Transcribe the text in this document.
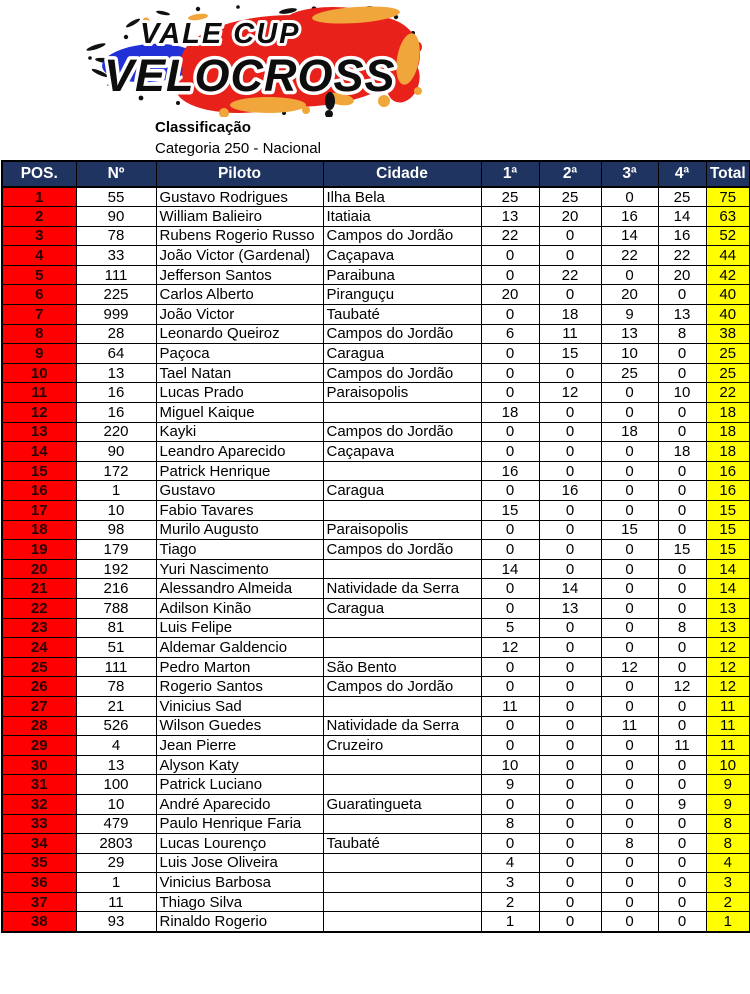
VALE CUP
VELOCROSS
Classificação
Categoria 250 - Nacional
POS.	Nº	Piloto	Cidade	1ª	2ª	3ª	4ª	Total
1	55	Gustavo Rodrigues	Ilha Bela	25	25	0	25	75
2	90	William Balieiro	Itatiaia	13	20	16	14	63
3	78	Rubens Rogerio Russo	Campos do Jordão	22	0	14	16	52
4	33	João Victor (Gardenal)	Caçapava	0	0	22	22	44
5	111	Jefferson Santos	Paraibuna	0	22	0	20	42
6	225	Carlos Alberto	Piranguçu	20	0	20	0	40
7	999	João Victor	Taubaté	0	18	9	13	40
8	28	Leonardo Queiroz	Campos do Jordão	6	11	13	8	38
9	64	Paçoca	Caragua	0	15	10	0	25
10	13	Tael Natan	Campos do Jordão	0	0	25	0	25
11	16	Lucas Prado	Paraisopolis	0	12	0	10	22
12	16	Miguel Kaique		18	0	0	0	18
13	220	Kayki	Campos do Jordão	0	0	18	0	18
14	90	Leandro Aparecido	Caçapava	0	0	0	18	18
15	172	Patrick Henrique		16	0	0	0	16
16	1	Gustavo	Caragua	0	16	0	0	16
17	10	Fabio Tavares		15	0	0	0	15
18	98	Murilo Augusto	Paraisopolis	0	0	15	0	15
19	179	Tiago	Campos do Jordão	0	0	0	15	15
20	192	Yuri Nascimento		14	0	0	0	14
21	216	Alessandro Almeida	Natividade da Serra	0	14	0	0	14
22	788	Adilson Kinão	Caragua	0	13	0	0	13
23	81	Luis Felipe		5	0	0	8	13
24	51	Aldemar Galdencio		12	0	0	0	12
25	111	Pedro Marton	São Bento	0	0	12	0	12
26	78	Rogerio Santos	Campos do Jordão	0	0	0	12	12
27	21	Vinicius Sad		11	0	0	0	11
28	526	Wilson Guedes	Natividade da Serra	0	0	11	0	11
29	4	Jean Pierre	Cruzeiro	0	0	0	11	11
30	13	Alyson Katy		10	0	0	0	10
31	100	Patrick Luciano		9	0	0	0	9
32	10	André Aparecido	Guaratingueta	0	0	0	9	9
33	479	Paulo Henrique Faria		8	0	0	0	8
34	2803	Lucas Lourenço	Taubaté	0	0	8	0	8
35	29	Luis Jose Oliveira		4	0	0	0	4
36	1	Vinicius Barbosa		3	0	0	0	3
37	11	Thiago Silva		2	0	0	0	2
38	93	Rinaldo Rogerio		1	0	0	0	1
